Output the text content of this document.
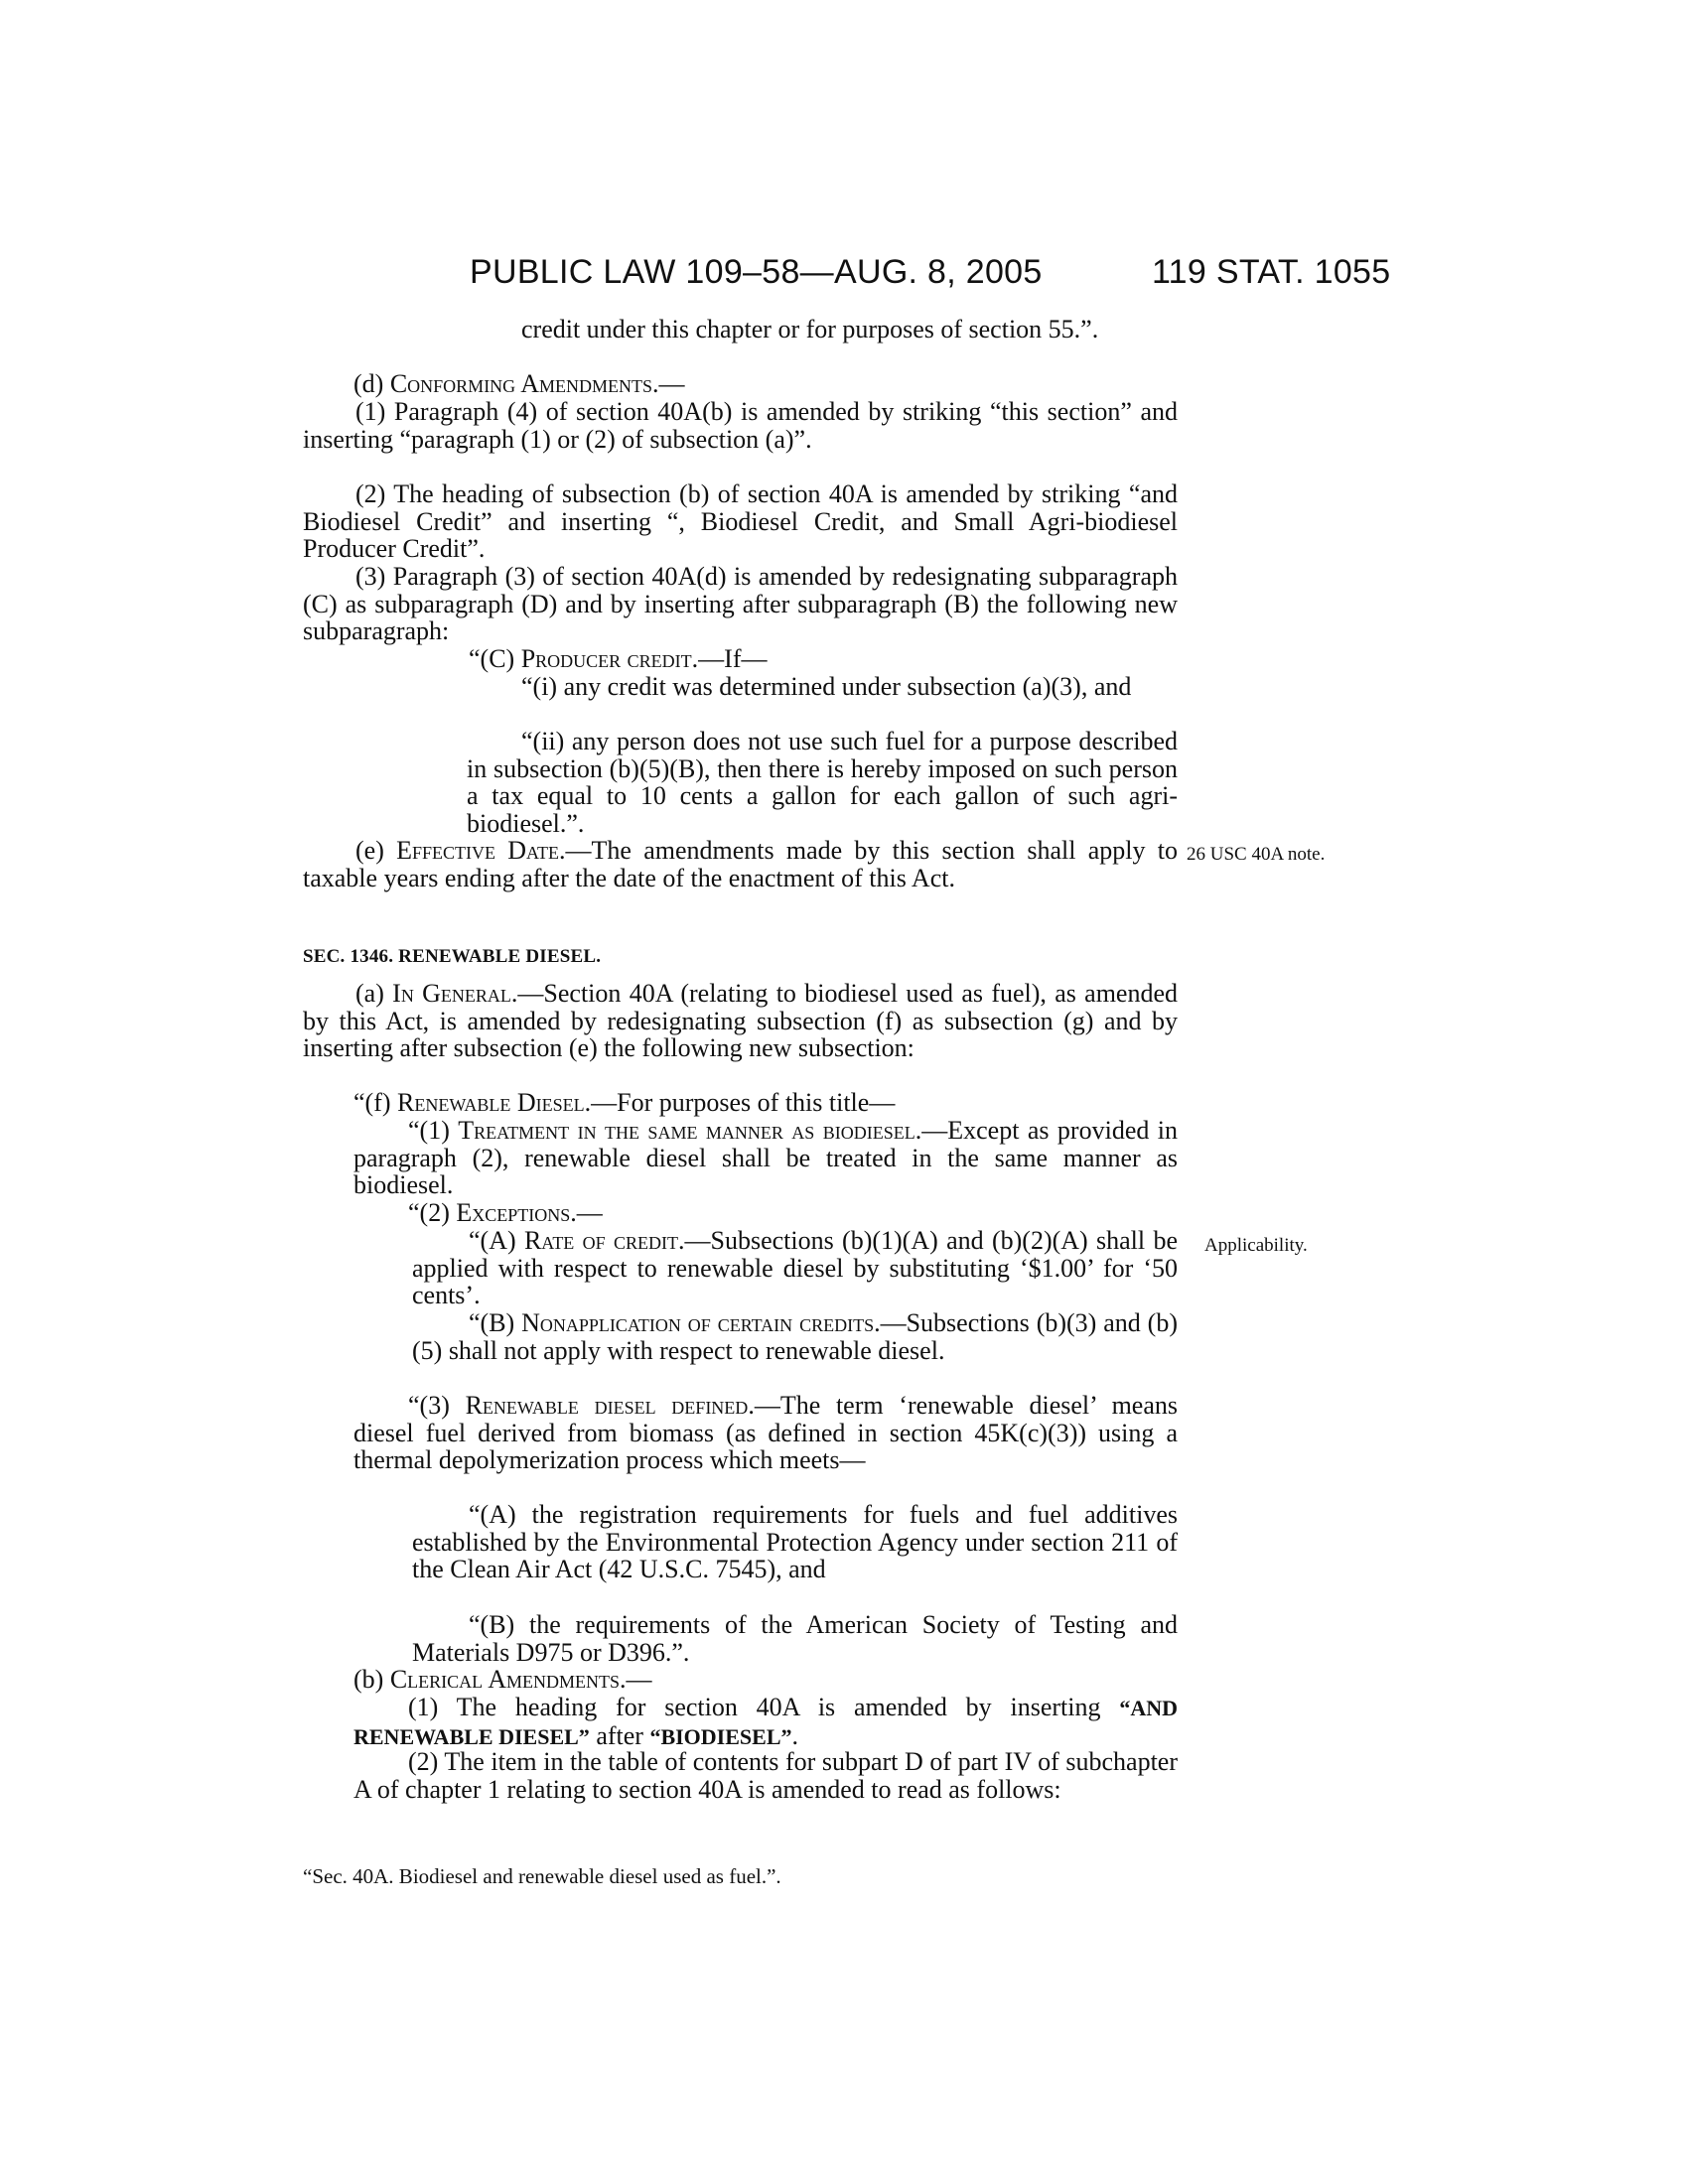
PUBLIC LAW 109–58—AUG. 8, 2005	119 STAT. 1055

credit under this chapter or for purposes of section 55.”.

(d) Conforming Amendments.—

(1) Paragraph (4) of section 40A(b) is amended by striking “this section” and inserting “paragraph (1) or (2) of subsection (a)”.

(2) The heading of subsection (b) of section 40A is amended by striking “and Biodiesel Credit” and inserting “, Biodiesel Credit, and Small Agri-biodiesel Producer Credit”.

(3) Paragraph (3) of section 40A(d) is amended by redesignating subparagraph (C) as subparagraph (D) and by inserting after subparagraph (B) the following new subparagraph:

“(C) Producer credit.—If—

“(i) any credit was determined under subsection (a)(3), and

“(ii) any person does not use such fuel for a purpose described in subsection (b)(5)(B), then there is hereby imposed on such person a tax equal to 10 cents a gallon for each gallon of such agri-biodiesel.”.

(e) Effective Date.—The amendments made by this section shall apply to taxable years ending after the date of the enactment of this Act.

26 USC 40A note.

SEC. 1346. RENEWABLE DIESEL.

(a) In General.—Section 40A (relating to biodiesel used as fuel), as amended by this Act, is amended by redesignating subsection (f) as subsection (g) and by inserting after subsection (e) the following new subsection:

“(f) Renewable Diesel.—For purposes of this title—

“(1) Treatment in the same manner as biodiesel.—Except as provided in paragraph (2), renewable diesel shall be treated in the same manner as biodiesel.

“(2) Exceptions.—

“(A) Rate of credit.—Subsections (b)(1)(A) and (b)(2)(A) shall be applied with respect to renewable diesel by substituting ‘$1.00’ for ‘50 cents’.

Applicability.

“(B) Nonapplication of certain credits.—Subsections (b)(3) and (b)(5) shall not apply with respect to renewable diesel.

“(3) Renewable diesel defined.—The term ‘renewable diesel’ means diesel fuel derived from biomass (as defined in section 45K(c)(3)) using a thermal depolymerization process which meets—

“(A) the registration requirements for fuels and fuel additives established by the Environmental Protection Agency under section 211 of the Clean Air Act (42 U.S.C. 7545), and

“(B) the requirements of the American Society of Testing and Materials D975 or D396.”.

(b) Clerical Amendments.—

(1) The heading for section 40A is amended by inserting “AND RENEWABLE DIESEL” after “BIODIESEL”.

(2) The item in the table of contents for subpart D of part IV of subchapter A of chapter 1 relating to section 40A is amended to read as follows:

“Sec. 40A. Biodiesel and renewable diesel used as fuel.”.
